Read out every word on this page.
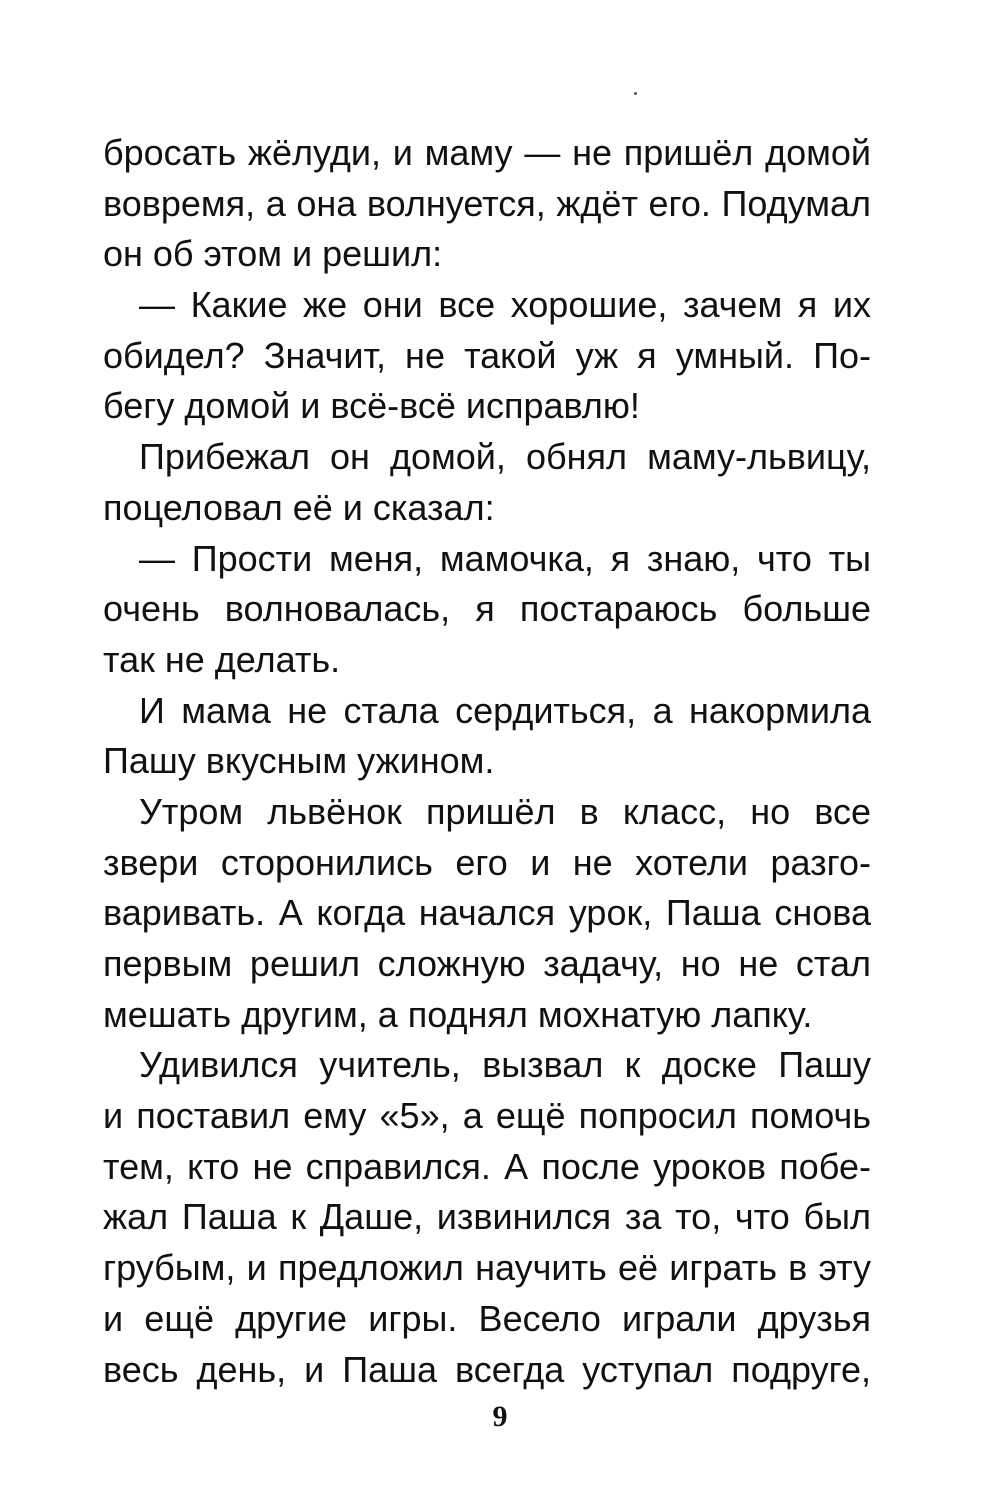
бросать жёлуди, и маму — не пришёл домой
вовремя, а она волнуется, ждёт его. Подумал
он об этом и решил:
— Какие же они все хорошие, зачем я их
обидел? Значит, не такой уж я умный. По-
бегу домой и всё-всё исправлю!
Прибежал он домой, обнял маму-львицу,
поцеловал её и сказал:
— Прости меня, мамочка, я знаю, что ты
очень волновалась, я постараюсь больше
так не делать.
И мама не стала сердиться, а накормила
Пашу вкусным ужином.
Утром львёнок пришёл в класс, но все
звери сторонились его и не хотели разго-
варивать. А когда начался урок, Паша снова
первым решил сложную задачу, но не стал
мешать другим, а поднял мохнатую лапку.
Удивился учитель, вызвал к доске Пашу
и поставил ему «5», а ещё попросил помочь
тем, кто не справился. А после уроков побе-
жал Паша к Даше, извинился за то, что был
грубым, и предложил научить её играть в эту
и ещё другие игры. Весело играли друзья
весь день, и Паша всегда уступал подруге,
9
